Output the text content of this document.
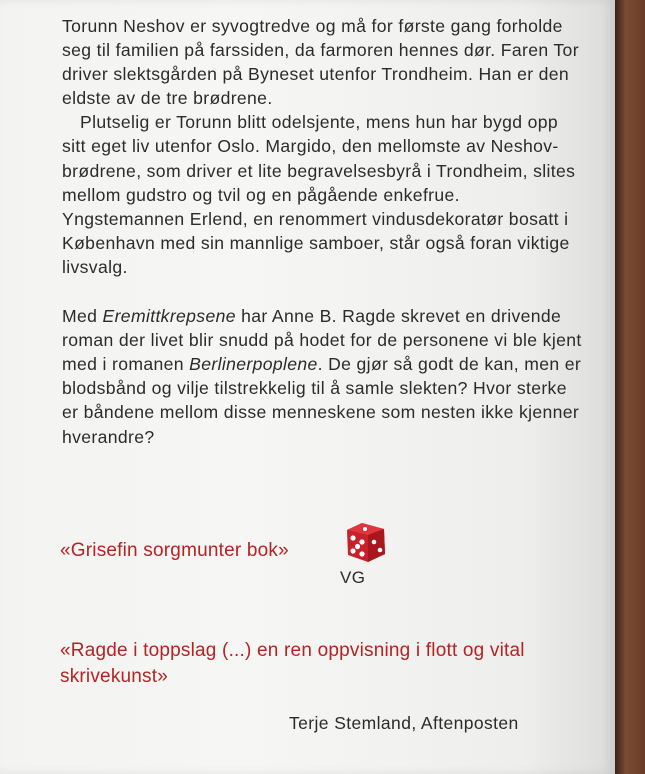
Torunn Neshov er syvogtredve og må for første gang forholde seg til familien på farssiden, da farmoren hennes dør. Faren Tor driver slektsgården på Byneset utenfor Trondheim. Han er den eldste av de tre brødrene.

Plutselig er Torunn blitt odelsjente, mens hun har bygd opp sitt eget liv utenfor Oslo. Margido, den mellomste av Neshov-brødrene, som driver et lite begravelsesbyrå i Trondheim, slites mellom gudstro og tvil og en pågående enkefrue. Yngstemannen Erlend, en renommert vindusdekoratør bosatt i København med sin mannlige samboer, står også foran viktige livsvalg.

Med Eremittkrepsene har Anne B. Ragde skrevet en drivende roman der livet blir snudd på hodet for de personene vi ble kjent med i romanen Berlinerpoplene. De gjør så godt de kan, men er blodsbånd og vilje tilstrekkelig til å samle slekten? Hvor sterke er båndene mellom disse menneskene som nesten ikke kjenner hverandre?

«Grisefin sorgmunter bok»
VG
«Ragde i toppslag (...) en ren oppvisning i flott og vital skrivekunst»
Terje Stemland, Aftenposten
